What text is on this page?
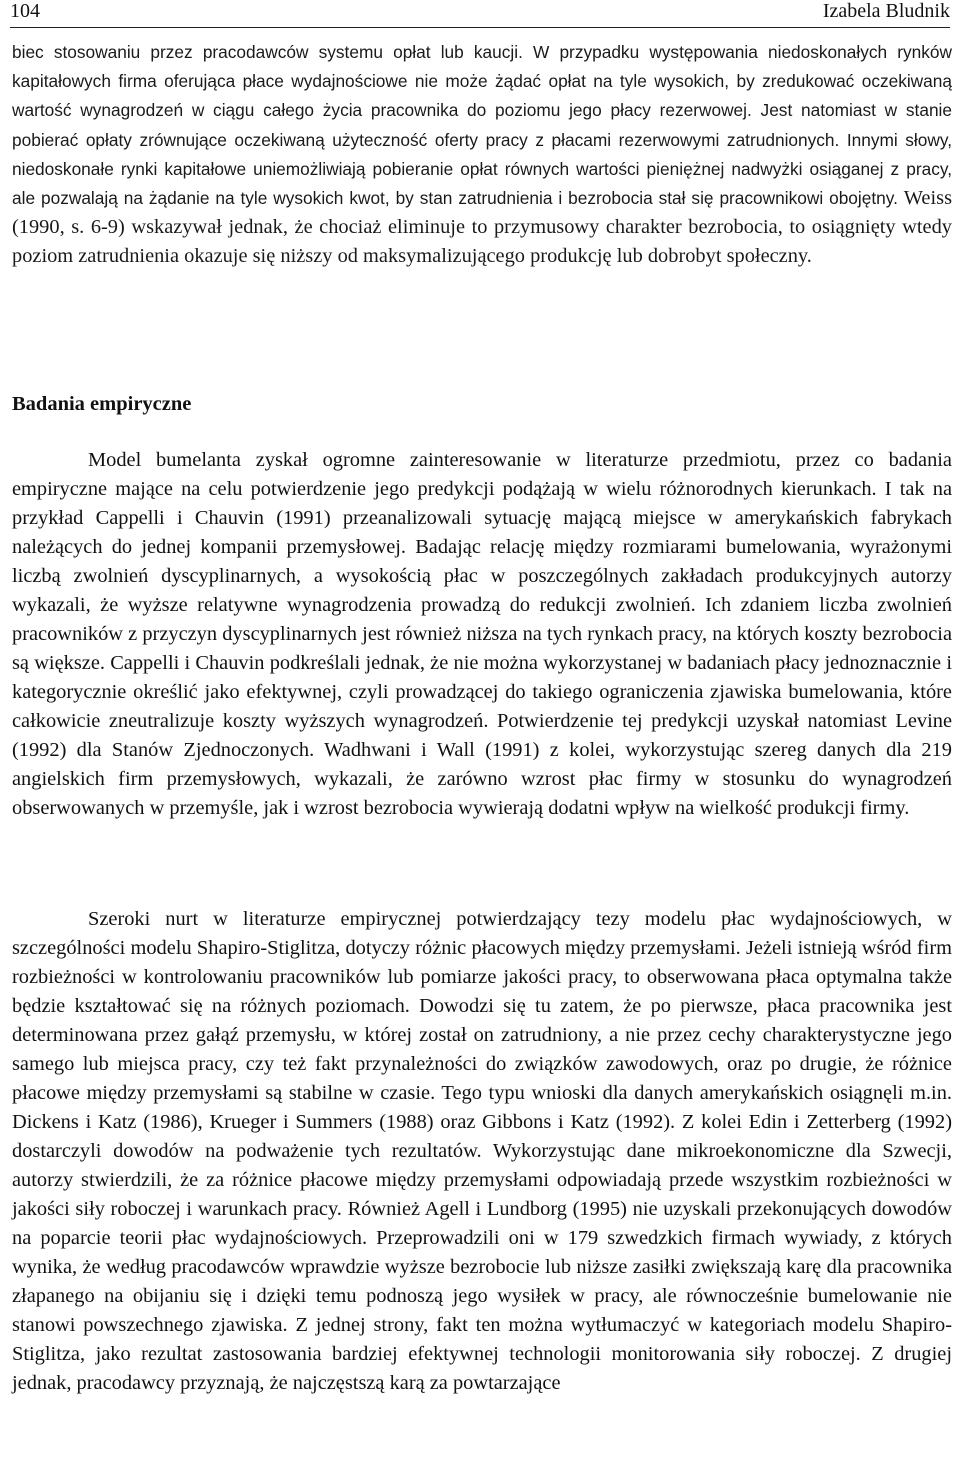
104	Izabela Bludnik
biec stosowaniu przez pracodawców systemu opłat lub kaucji. W przypadku występowania niedoskonałych rynków kapitałowych firma oferująca płace wydajnościowe nie może żądać opłat na tyle wysokich, by zredukować oczekiwaną wartość wynagrodzeń w ciągu całego życia pracownika do poziomu jego płacy rezerwowej. Jest natomiast w stanie pobierać opłaty zrównujące oczekiwaną użyteczność oferty pracy z płacami rezerwowymi zatrudnionych. Innymi słowy, niedoskonałe rynki kapitałowe uniemożliwiają pobieranie opłat równych wartości pieniężnej nadwyżki osiąganej z pracy, ale pozwalają na żądanie na tyle wysokich kwot, by stan zatrudnienia i bezrobocia stał się pracownikowi obojętny. Weiss (1990, s. 6-9) wskazywał jednak, że chociaż eliminuje to przymusowy charakter bezrobocia, to osiągnięty wtedy poziom zatrudnienia okazuje się niższy od maksymalizującego produkcję lub dobrobyt społeczny.
Badania empiryczne

Model bumelanta zyskał ogromne zainteresowanie w literaturze przedmiotu, przez co badania empiryczne mające na celu potwierdzenie jego predykcji podążają w wielu różnorodnych kierunkach. I tak na przykład Cappelli i Chauvin (1991) przeanalizowali sytuację mającą miejsce w amerykańskich fabrykach należących do jednej kompanii przemysłowej. Badając relację między rozmiarami bumelowania, wyrażonymi liczbą zwolnień dyscyplinarnych, a wysokością płac w poszczególnych zakładach produkcyjnych autorzy wykazali, że wyższe relatywne wynagrodzenia prowadzą do redukcji zwolnień. Ich zdaniem liczba zwolnień pracowników z przyczyn dyscyplinarnych jest również niższa na tych rynkach pracy, na których koszty bezrobocia są większe. Cappelli i Chauvin podkreślali jednak, że nie można wykorzystanej w badaniach płacy jednoznacznie i kategorycznie określić jako efektywnej, czyli prowadzącej do takiego ograniczenia zjawiska bumelowania, które całkowicie zneutralizuje koszty wyższych wynagrodzeń. Potwierdzenie tej predykcji uzyskał natomiast Levine (1992) dla Stanów Zjednoczonych. Wadhwani i Wall (1991) z kolei, wykorzystując szereg danych dla 219 angielskich firm przemysłowych, wykazali, że zarówno wzrost płac firmy w stosunku do wynagrodzeń obserwowanych w przemyśle, jak i wzrost bezrobocia wywierają dodatni wpływ na wielkość produkcji firmy.

Szeroki nurt w literaturze empirycznej potwierdzający tezy modelu płac wydajnościowych, w szczególności modelu Shapiro-Stiglitza, dotyczy różnic płacowych między przemysłami. Jeżeli istnieją wśród firm rozbieżności w kontrolowaniu pracowników lub pomiarze jakości pracy, to obserwowana płaca optymalna także będzie kształtować się na różnych poziomach. Dowodzi się tu zatem, że po pierwsze, płaca pracownika jest determinowana przez gałąź przemysłu, w której został on zatrudniony, a nie przez cechy charakterystyczne jego samego lub miejsca pracy, czy też fakt przynależności do związków zawodowych, oraz po drugie, że różnice płacowe między przemysłami są stabilne w czasie. Tego typu wnioski dla danych amerykańskich osiągnęli m.in. Dickens i Katz (1986), Krueger i Summers (1988) oraz Gibbons i Katz (1992). Z kolei Edin i Zetterberg (1992) dostarczyli dowodów na podważenie tych rezultatów. Wykorzystując dane mikroekonomiczne dla Szwecji, autorzy stwierdzili, że za różnice płacowe między przemysłami odpowiadają przede wszystkim rozbieżności w jakości siły roboczej i warunkach pracy. Również Agell i Lundborg (1995) nie uzyskali przekonujących dowodów na poparcie teorii płac wydajnościowych. Przeprowadzili oni w 179 szwedzkich firmach wywiady, z których wynika, że według pracodawców wprawdzie wyższe bezrobocie lub niższe zasiłki zwiększają karę dla pracownika złapanego na obijaniu się i dzięki temu podnoszą jego wysiłek w pracy, ale równocześnie bumelowanie nie stanowi powszechnego zjawiska. Z jednej strony, fakt ten można wytłumaczyć w kategoriach modelu Shapiro-Stiglitza, jako rezultat zastosowania bardziej efektywnej technologii monitorowania siły roboczej. Z drugiej jednak, pracodawcy przyznają, że najczęstszą karą za powtarzające
